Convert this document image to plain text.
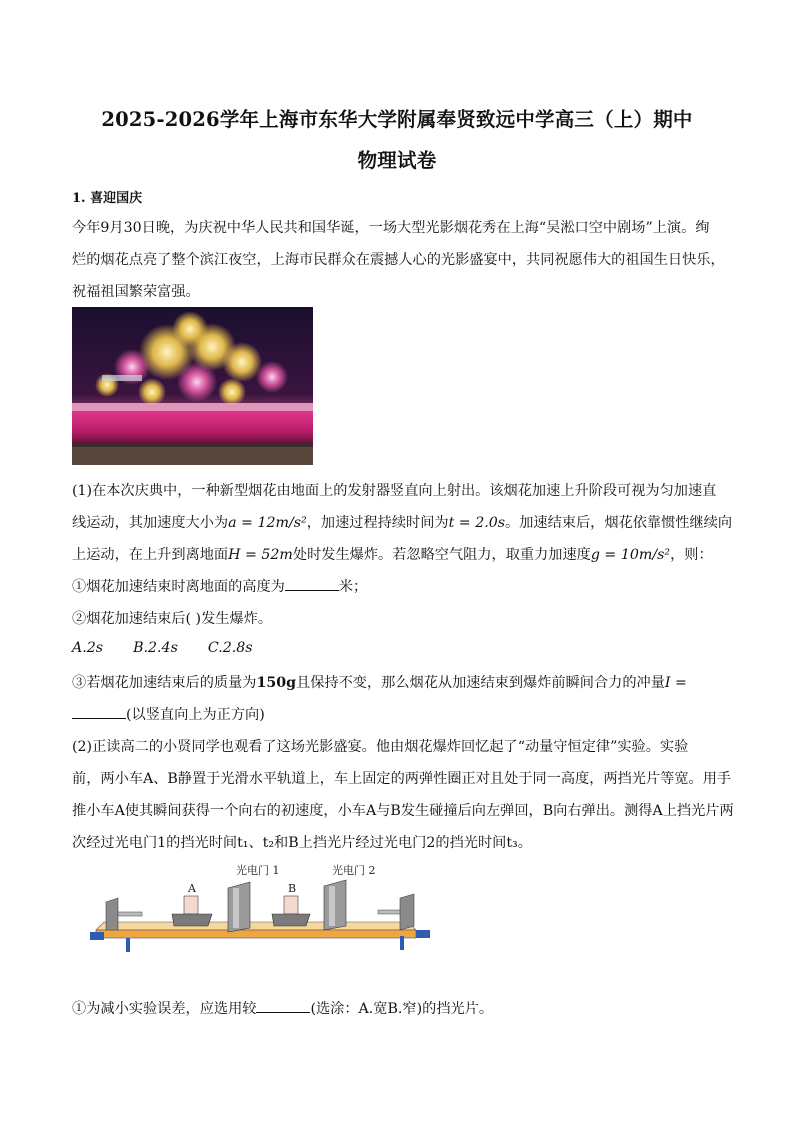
2025-2026学年上海市东华大学附属奉贤致远中学高三（上）期中
物理试卷
1. 喜迎国庆
今年9月30日晚，为庆祝中华人民共和国华诞，一场大型光影烟花秀在上海“吴淞口空中剧场”上演。绚
烂的烟花点亮了整个滨江夜空，上海市民群众在震撼人心的光影盛宴中，共同祝愿伟大的祖国生日快乐，
祝福祖国繁荣富强。
(1)在本次庆典中，一种新型烟花由地面上的发射器竖直向上射出。该烟花加速上升阶段可视为匀加速直
线运动，其加速度大小为a = 12m/s²，加速过程持续时间为t = 2.0s。加速结束后，烟花依靠惯性继续向
上运动，在上升到离地面H = 52m处时发生爆炸。若忽略空气阻力，取重力加速度g = 10m/s²，则：
①烟花加速结束时离地面的高度为	米；
②烟花加速结束后( )发生爆炸。
A.2s B.2.4s C.2.8s
③若烟花加速结束后的质量为150g且保持不变，那么烟花从加速结束到爆炸前瞬间合力的冲量I =
(以竖直向上为正方向)
(2)正读高二的小贤同学也观看了这场光影盛宴。他由烟花爆炸回忆起了“动量守恒定律”实验。实验
前，两小车A、B静置于光滑水平轨道上，车上固定的两弹性圈正对且处于同一高度，两挡光片等宽。用手
推小车A使其瞬间获得一个向右的初速度，小车A与B发生碰撞后向左弹回，B向右弹出。测得A上挡光片两
次经过光电门1的挡光时间t₁、t₂和B上挡光片经过光电门2的挡光时间t₃。
光电门 1	光电门 2
A	B
①为减小实验误差，应选用较	(选涂：A.宽B.窄)的挡光片。
